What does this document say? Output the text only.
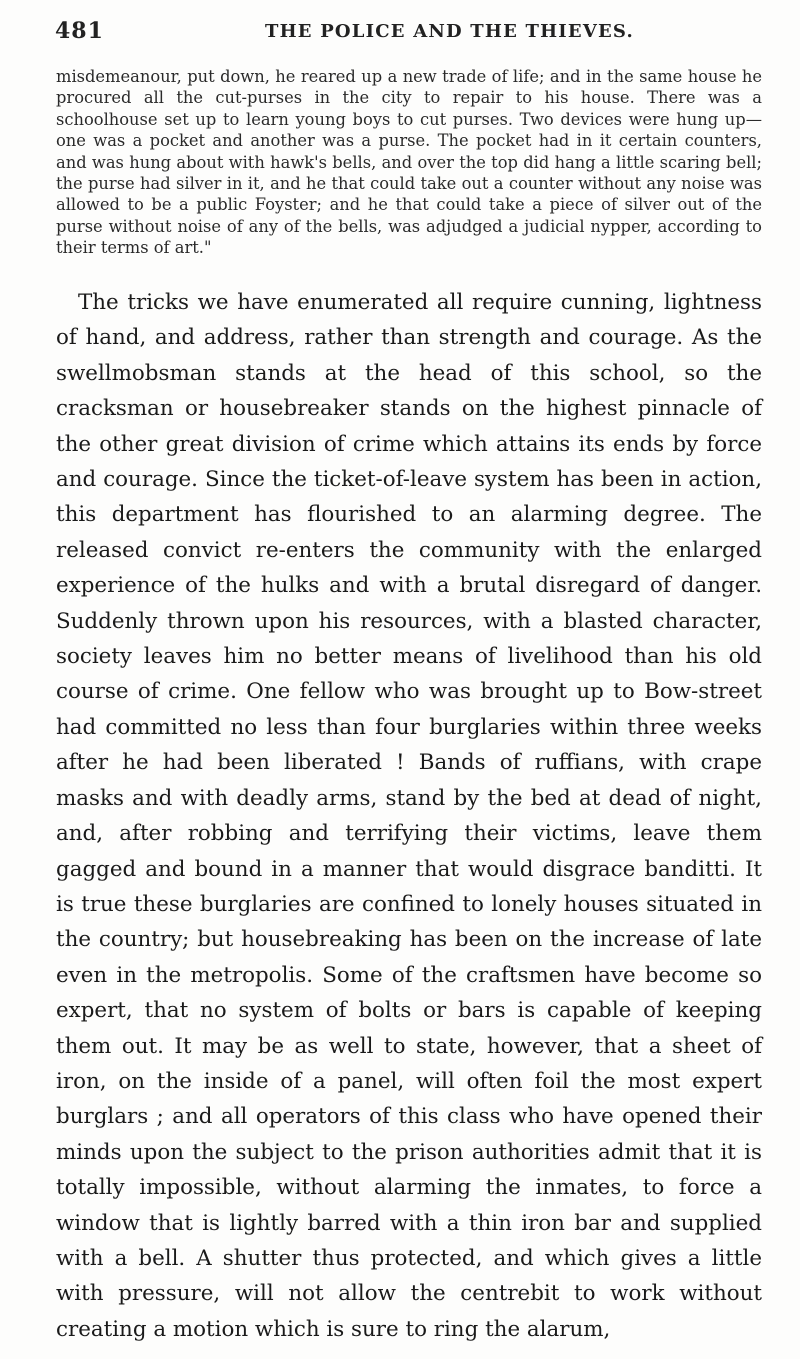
481	THE POLICE AND THE THIEVES.

misdemeanour, put down, he reared up a new trade of life; and in the same house he procured all the cut-purses in the city to repair to his house. There was a schoolhouse set up to learn young boys to cut purses. Two devices were hung up—one was a pocket and another was a purse. The pocket had in it certain counters, and was hung about with hawk's bells, and over the top did hang a little scaring bell; the purse had silver in it, and he that could take out a counter without any noise was allowed to be a public Foyster; and he that could take a piece of silver out of the purse without noise of any of the bells, was adjudged a judicial nypper, according to their terms of art."

The tricks we have enumerated all require cunning, lightness of hand, and address, rather than strength and courage. As the swellmobsman stands at the head of this school, so the cracksman or housebreaker stands on the highest pinnacle of the other great division of crime which attains its ends by force and courage. Since the ticket-of-leave system has been in action, this department has flourished to an alarming degree. The released convict re-enters the community with the enlarged experience of the hulks and with a brutal disregard of danger. Suddenly thrown upon his resources, with a blasted character, society leaves him no better means of livelihood than his old course of crime. One fellow who was brought up to Bow-street had committed no less than four burglaries within three weeks after he had been liberated ! Bands of ruffians, with crape masks and with deadly arms, stand by the bed at dead of night, and, after robbing and terrifying their victims, leave them gagged and bound in a manner that would disgrace banditti. It is true these burglaries are confined to lonely houses situated in the country; but housebreaking has been on the increase of late even in the metropolis. Some of the craftsmen have become so expert, that no system of bolts or bars is capable of keeping them out. It may be as well to state, however, that a sheet of iron, on the inside of a panel, will often foil the most expert burglars ; and all operators of this class who have opened their minds upon the subject to the prison authorities admit that it is totally impossible, without alarming the inmates, to force a window that is lightly barred with a thin iron bar and supplied with a bell. A shutter thus protected, and which gives a little with pressure, will not allow the centrebit to work without creating a motion which is sure to ring the alarum,
